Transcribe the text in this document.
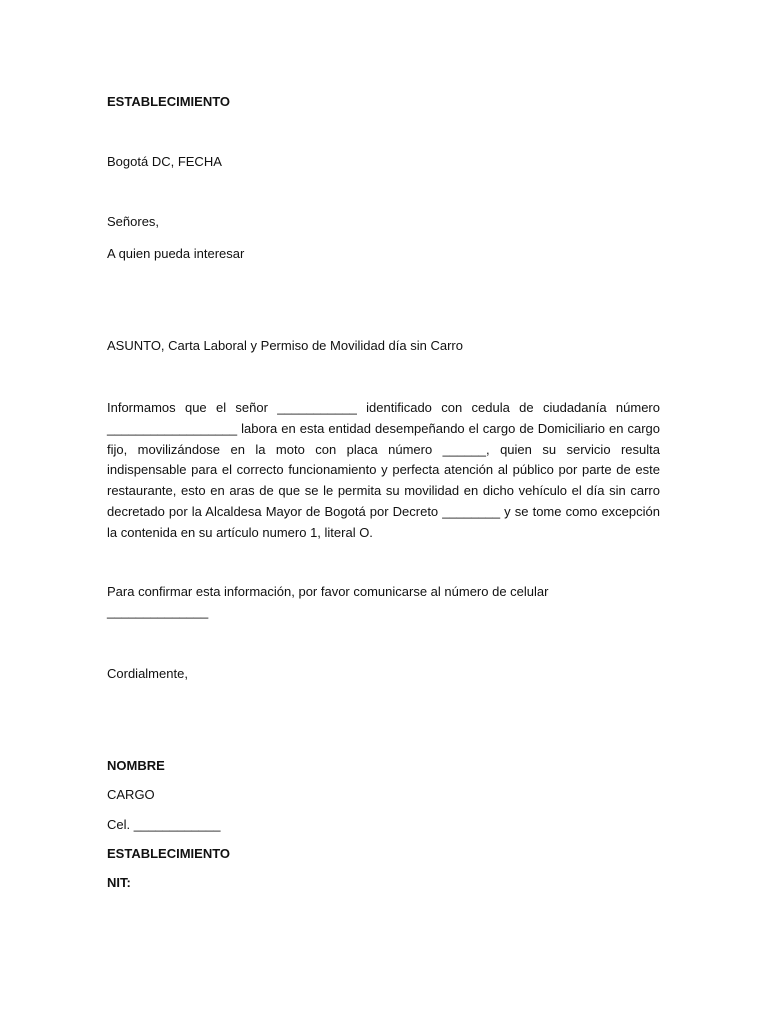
ESTABLECIMIENTO
Bogotá DC, FECHA
Señores,
A quien pueda interesar
ASUNTO, Carta Laboral y Permiso de Movilidad día sin Carro

Informamos que el señor ___________ identificado con cedula de ciudadanía número __________________ labora en esta entidad desempeñando el cargo de Domiciliario en cargo fijo, movilizándose en la moto con placa número ______, quien su servicio resulta indispensable para el correcto funcionamiento y perfecta atención al público por parte de este restaurante, esto en aras de que se le permita su movilidad en dicho vehículo el día sin carro decretado por la Alcaldesa Mayor de Bogotá por Decreto ________ y se tome como excepción la contenida en su artículo numero 1, literal O.

Para confirmar esta información, por favor comunicarse al número de celular
______________
Cordialmente,
NOMBRE
CARGO
Cel. ____________
ESTABLECIMIENTO
NIT:
